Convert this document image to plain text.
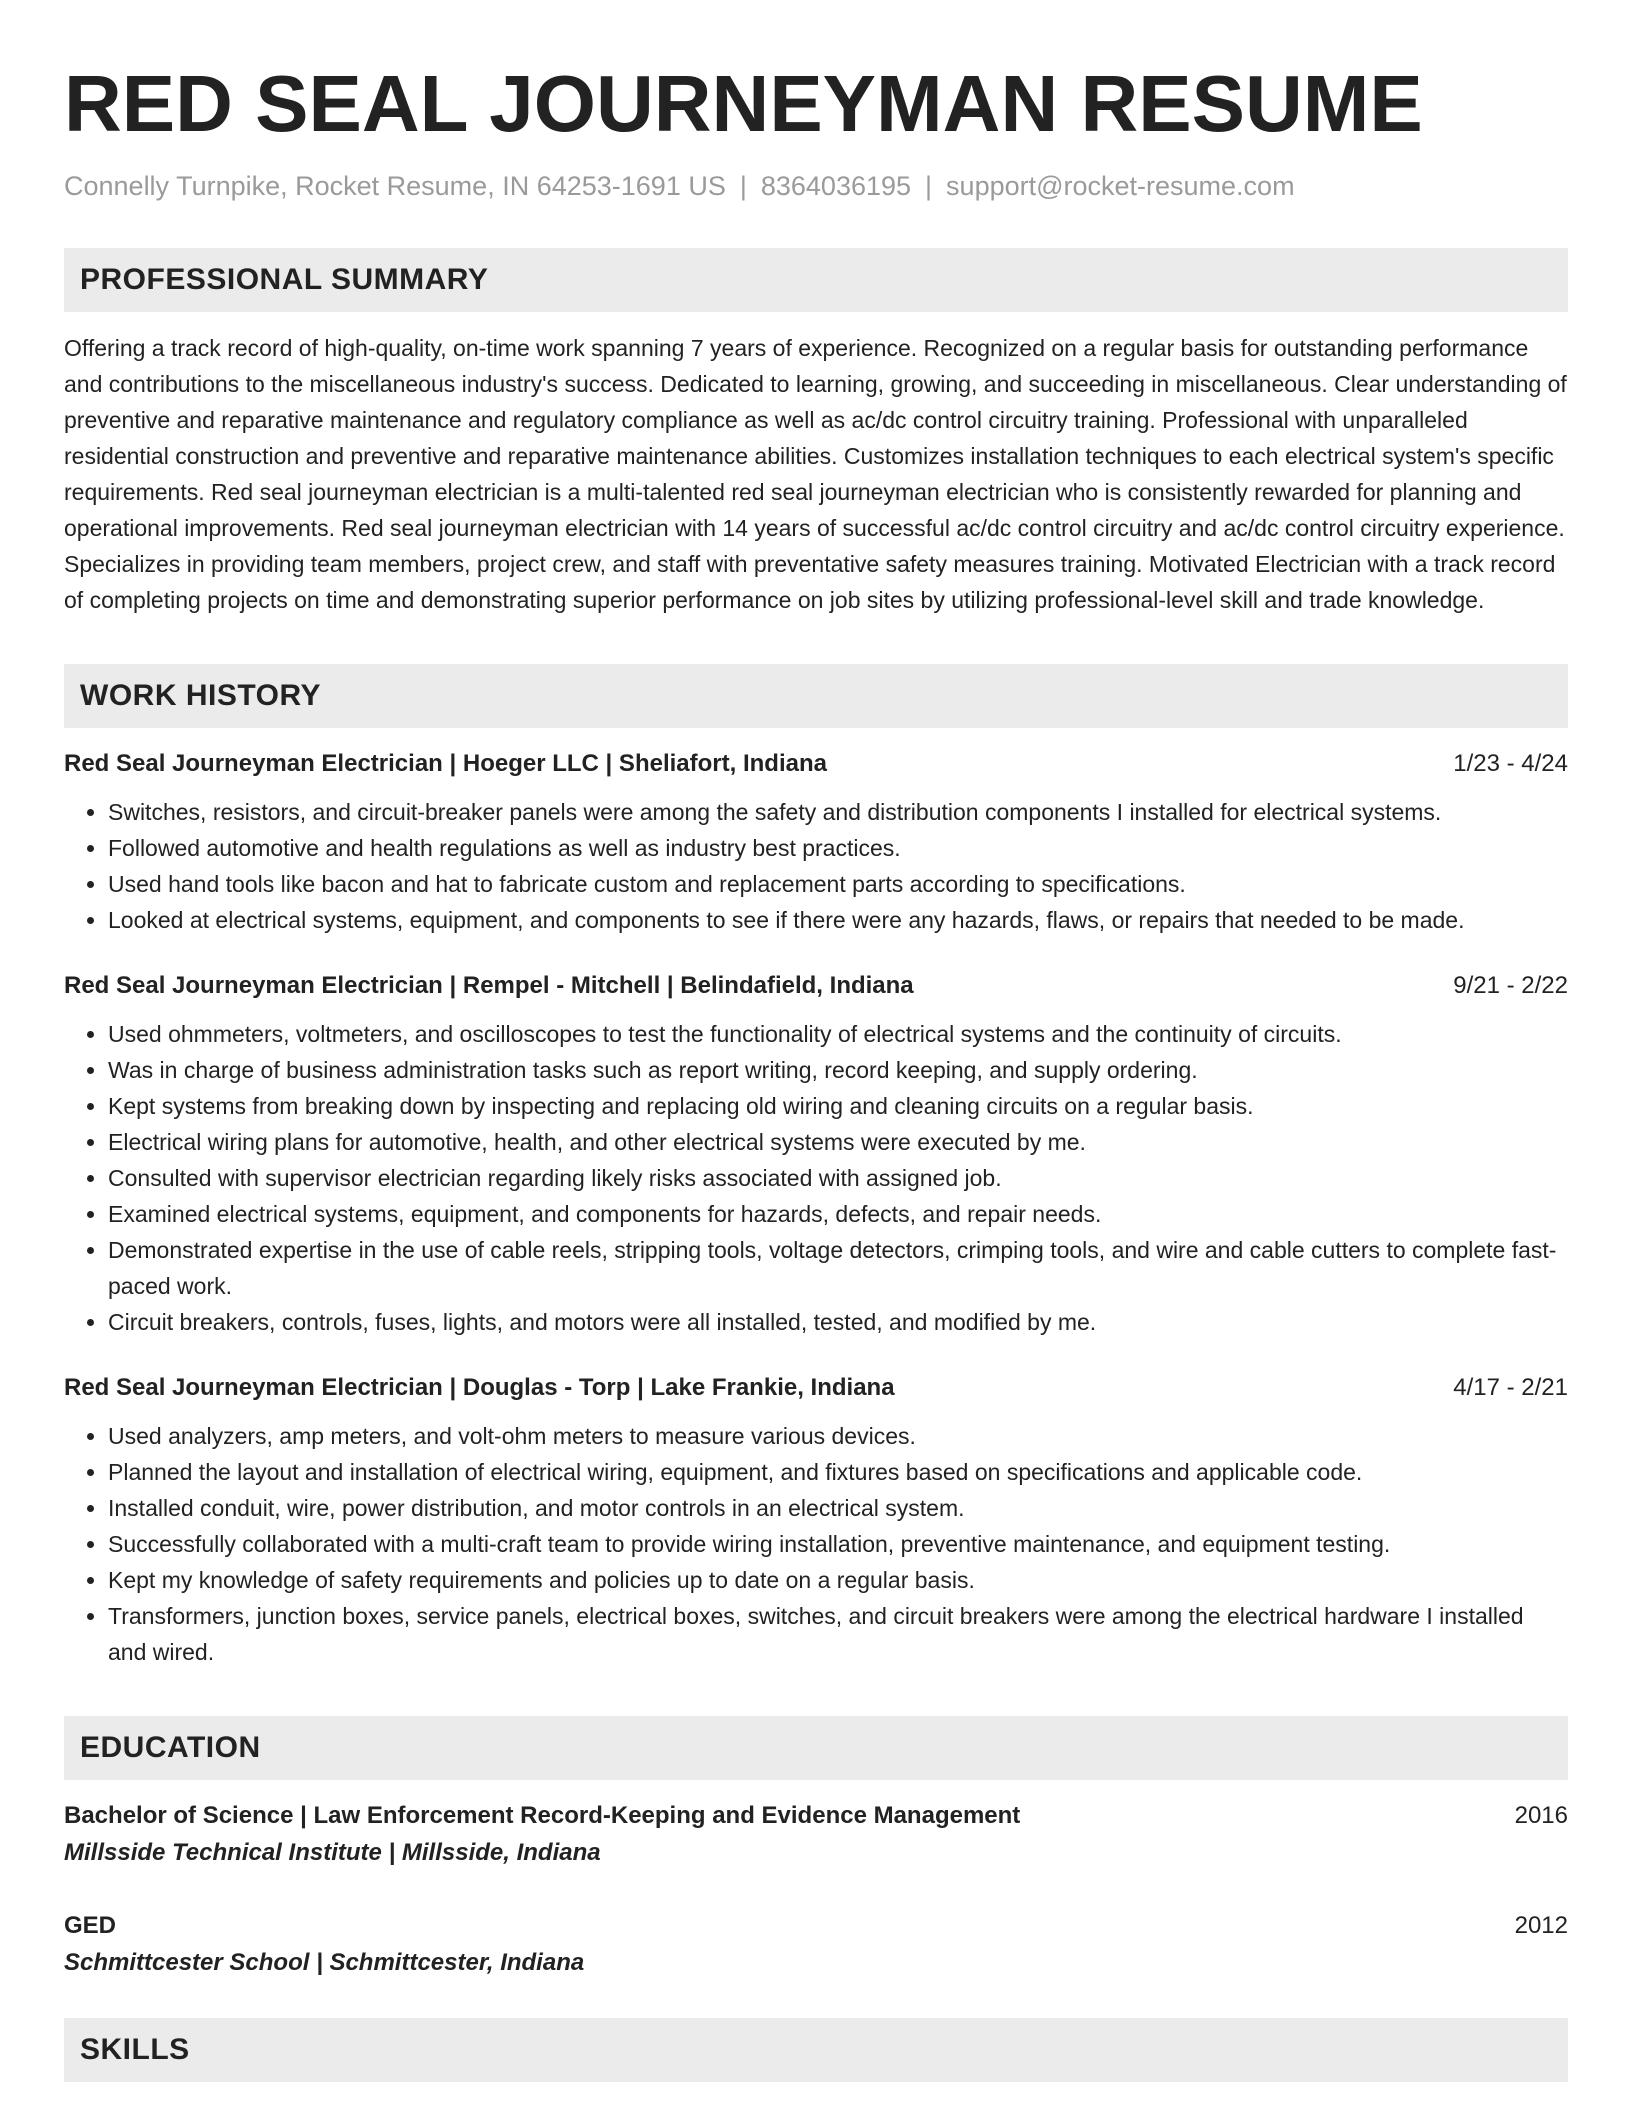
RED SEAL JOURNEYMAN RESUME
Connelly Turnpike, Rocket Resume, IN 64253-1691 US | 8364036195 | support@rocket-resume.com
PROFESSIONAL SUMMARY
Offering a track record of high-quality, on-time work spanning 7 years of experience. Recognized on a regular basis for outstanding performance and contributions to the miscellaneous industry's success. Dedicated to learning, growing, and succeeding in miscellaneous. Clear understanding of preventive and reparative maintenance and regulatory compliance as well as ac/dc control circuitry training. Professional with unparalleled residential construction and preventive and reparative maintenance abilities. Customizes installation techniques to each electrical system's specific requirements. Red seal journeyman electrician is a multi-talented red seal journeyman electrician who is consistently rewarded for planning and operational improvements. Red seal journeyman electrician with 14 years of successful ac/dc control circuitry and ac/dc control circuitry experience. Specializes in providing team members, project crew, and staff with preventative safety measures training. Motivated Electrician with a track record of completing projects on time and demonstrating superior performance on job sites by utilizing professional-level skill and trade knowledge.
WORK HISTORY
Red Seal Journeyman Electrician | Hoeger LLC | Sheliafort, Indiana	1/23 - 4/24
• Switches, resistors, and circuit-breaker panels were among the safety and distribution components I installed for electrical systems.
• Followed automotive and health regulations as well as industry best practices.
• Used hand tools like bacon and hat to fabricate custom and replacement parts according to specifications.
• Looked at electrical systems, equipment, and components to see if there were any hazards, flaws, or repairs that needed to be made.
Red Seal Journeyman Electrician | Rempel - Mitchell | Belindafield, Indiana	9/21 - 2/22
• Used ohmmeters, voltmeters, and oscilloscopes to test the functionality of electrical systems and the continuity of circuits.
• Was in charge of business administration tasks such as report writing, record keeping, and supply ordering.
• Kept systems from breaking down by inspecting and replacing old wiring and cleaning circuits on a regular basis.
• Electrical wiring plans for automotive, health, and other electrical systems were executed by me.
• Consulted with supervisor electrician regarding likely risks associated with assigned job.
• Examined electrical systems, equipment, and components for hazards, defects, and repair needs.
• Demonstrated expertise in the use of cable reels, stripping tools, voltage detectors, crimping tools, and wire and cable cutters to complete fast-paced work.
• Circuit breakers, controls, fuses, lights, and motors were all installed, tested, and modified by me.
Red Seal Journeyman Electrician | Douglas - Torp | Lake Frankie, Indiana	4/17 - 2/21
• Used analyzers, amp meters, and volt-ohm meters to measure various devices.
• Planned the layout and installation of electrical wiring, equipment, and fixtures based on specifications and applicable code.
• Installed conduit, wire, power distribution, and motor controls in an electrical system.
• Successfully collaborated with a multi-craft team to provide wiring installation, preventive maintenance, and equipment testing.
• Kept my knowledge of safety requirements and policies up to date on a regular basis.
• Transformers, junction boxes, service panels, electrical boxes, switches, and circuit breakers were among the electrical hardware I installed and wired.
EDUCATION
Bachelor of Science | Law Enforcement Record-Keeping and Evidence Management	2016
Millsside Technical Institute | Millsside, Indiana
GED	2012
Schmittcester School | Schmittcester, Indiana
SKILLS
